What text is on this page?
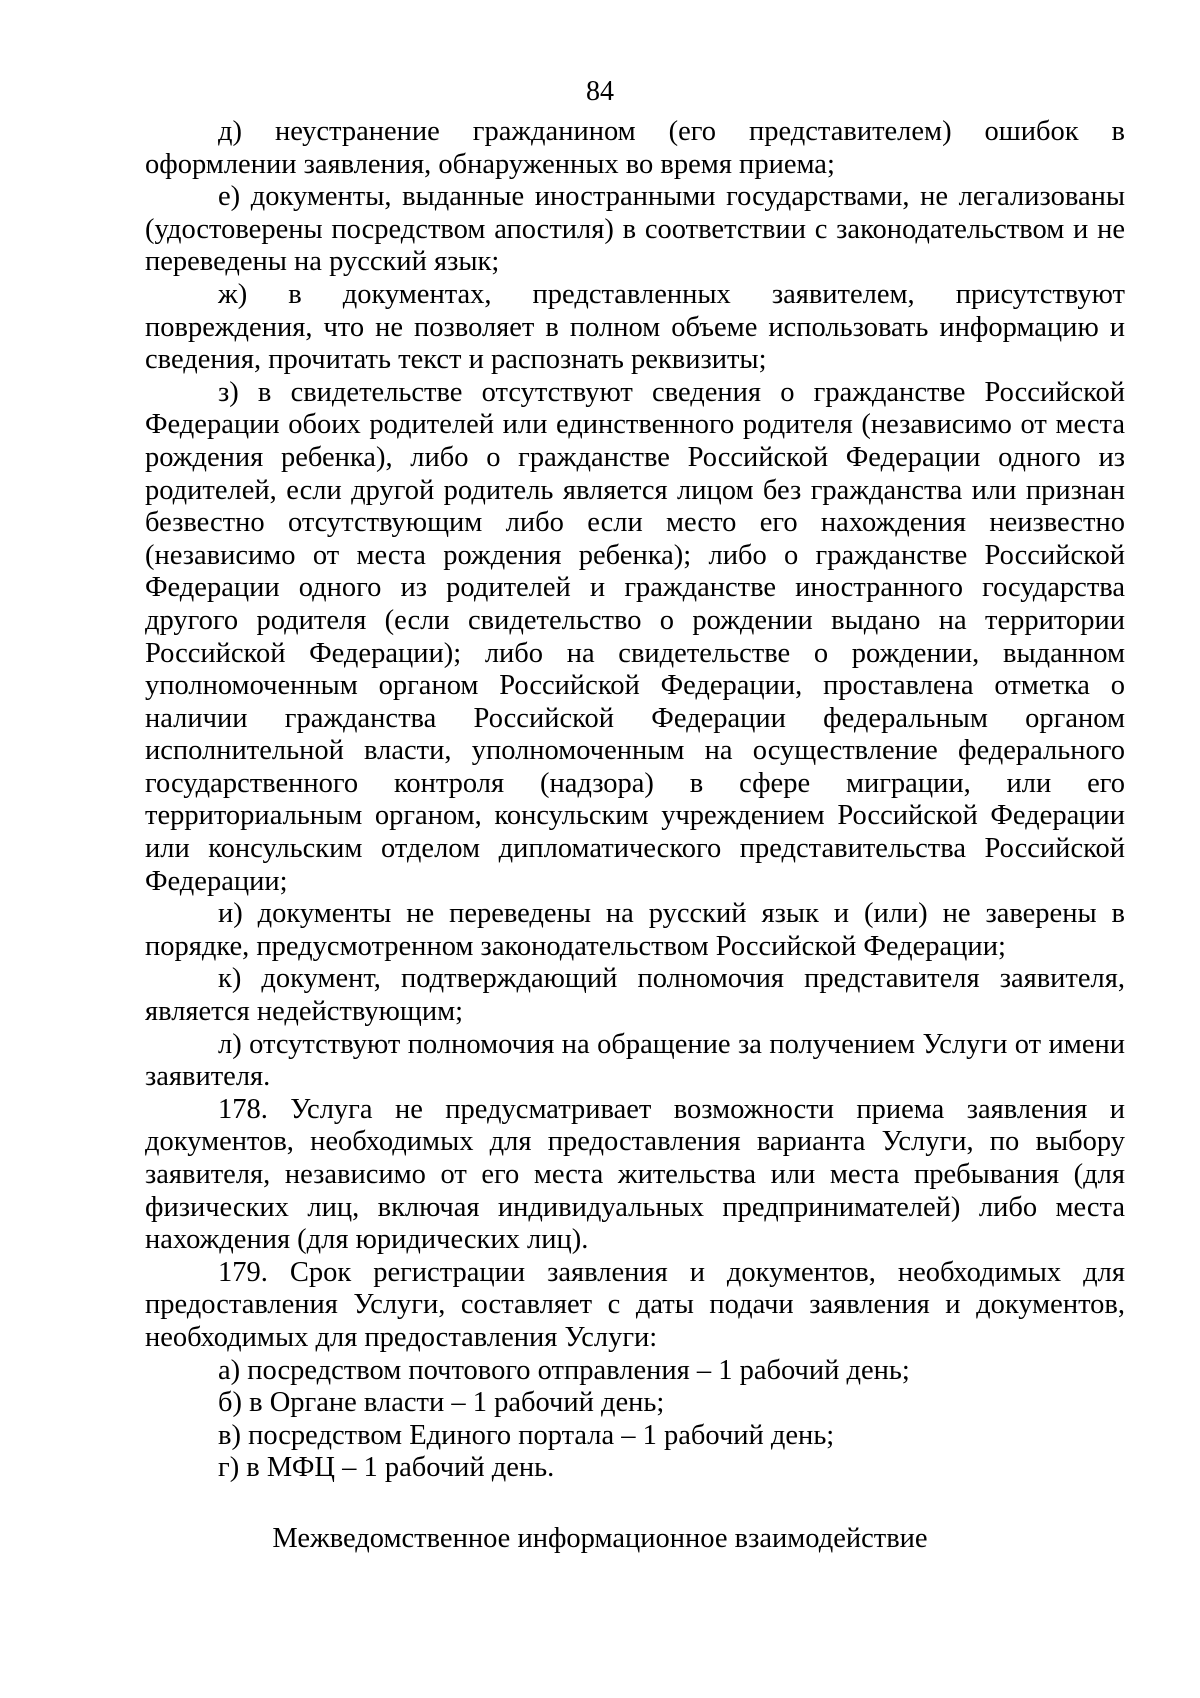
84

д) неустранение гражданином (его представителем) ошибок в оформлении заявления, обнаруженных во время приема;

е) документы, выданные иностранными государствами, не легализованы (удостоверены посредством апостиля) в соответствии с законодательством и не переведены на русский язык;

ж) в документах, представленных заявителем, присутствуют повреждения, что не позволяет в полном объеме использовать информацию и сведения, прочитать текст и распознать реквизиты;

з) в свидетельстве отсутствуют сведения о гражданстве Российской Федерации обоих родителей или единственного родителя (независимо от места рождения ребенка), либо о гражданстве Российской Федерации одного из родителей, если другой родитель является лицом без гражданства или признан безвестно отсутствующим либо если место его нахождения неизвестно (независимо от места рождения ребенка); либо о гражданстве Российской Федерации одного из родителей и гражданстве иностранного государства другого родителя (если свидетельство о рождении выдано на территории Российской Федерации); либо на свидетельстве о рождении, выданном уполномоченным органом Российской Федерации, проставлена отметка о наличии гражданства Российской Федерации федеральным органом исполнительной власти, уполномоченным на осуществление федерального государственного контроля (надзора) в сфере миграции, или его территориальным органом, консульским учреждением Российской Федерации или консульским отделом дипломатического представительства Российской Федерации;

и) документы не переведены на русский язык и (или) не заверены в порядке, предусмотренном законодательством Российской Федерации;

к) документ, подтверждающий полномочия представителя заявителя, является недействующим;

л) отсутствуют полномочия на обращение за получением Услуги от имени заявителя.

178. Услуга не предусматривает возможности приема заявления и документов, необходимых для предоставления варианта Услуги, по выбору заявителя, независимо от его места жительства или места пребывания (для физических лиц, включая индивидуальных предпринимателей) либо места нахождения (для юридических лиц).

179. Срок регистрации заявления и документов, необходимых для предоставления Услуги, составляет с даты подачи заявления и документов, необходимых для предоставления Услуги:

а) посредством почтового отправления – 1 рабочий день;

б) в Органе власти – 1 рабочий день;

в) посредством Единого портала – 1 рабочий день;

г) в МФЦ – 1 рабочий день.

Межведомственное информационное взаимодействие
